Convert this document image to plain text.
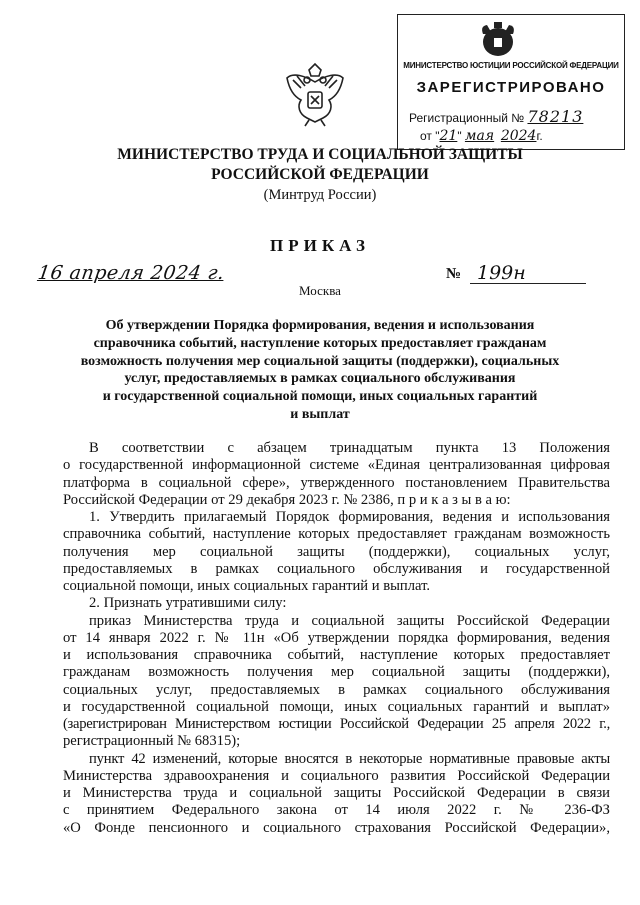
МИНИСТЕРСТВО ЮСТИЦИИ РОССИЙСКОЙ ФЕДЕРАЦИИ
ЗАРЕГИСТРИРОВАНО
Регистрационный № 78213
от "21" мая 2024г.
МИНИСТЕРСТВО ТРУДА И СОЦИАЛЬНОЙ ЗАЩИТЫ
РОССИЙСКОЙ ФЕДЕРАЦИИ
(Минтруд России)
ПРИКАЗ
16 апреля 2024 г.	№ 199н
Москва
Об утверждении Порядка формирования, ведения и использования
справочника событий, наступление которых предоставляет гражданам
возможность получения мер социальной защиты (поддержки), социальных
услуг, предоставляемых в рамках социального обслуживания
и государственной социальной помощи, иных социальных гарантий
и выплат
В соответствии с абзацем тринадцатым пункта 13 Положения
о государственной информационной системе «Единая централизованная цифровая
платформа в социальной сфере», утвержденного постановлением Правительства
Российской Федерации от 29 декабря 2023 г. № 2386, п р и к а з ы в а ю:
1. Утвердить прилагаемый Порядок формирования, ведения и использования
справочника событий, наступление которых предоставляет гражданам возможность
получения мер социальной защиты (поддержки), социальных услуг,
предоставляемых в рамках социального обслуживания и государственной
социальной помощи, иных социальных гарантий и выплат.
2. Признать утратившими силу:
приказ Министерства труда и социальной защиты Российской Федерации
от 14 января 2022 г. № 11н «Об утверждении порядка формирования, ведения
и использования справочника событий, наступление которых предоставляет
гражданам возможность получения мер социальной защиты (поддержки),
социальных услуг, предоставляемых в рамках социального обслуживания
и государственной социальной помощи, иных социальных гарантий и выплат»
(зарегистрирован Министерством юстиции Российской Федерации 25 апреля 2022 г.,
регистрационный № 68315);
пункт 42 изменений, которые вносятся в некоторые нормативные правовые акты
Министерства здравоохранения и социального развития Российской Федерации
и Министерства труда и социальной защиты Российской Федерации в связи
с принятием Федерального закона от 14 июля 2022 г. № 236-ФЗ
«О Фонде пенсионного и социального страхования Российской Федерации»,
